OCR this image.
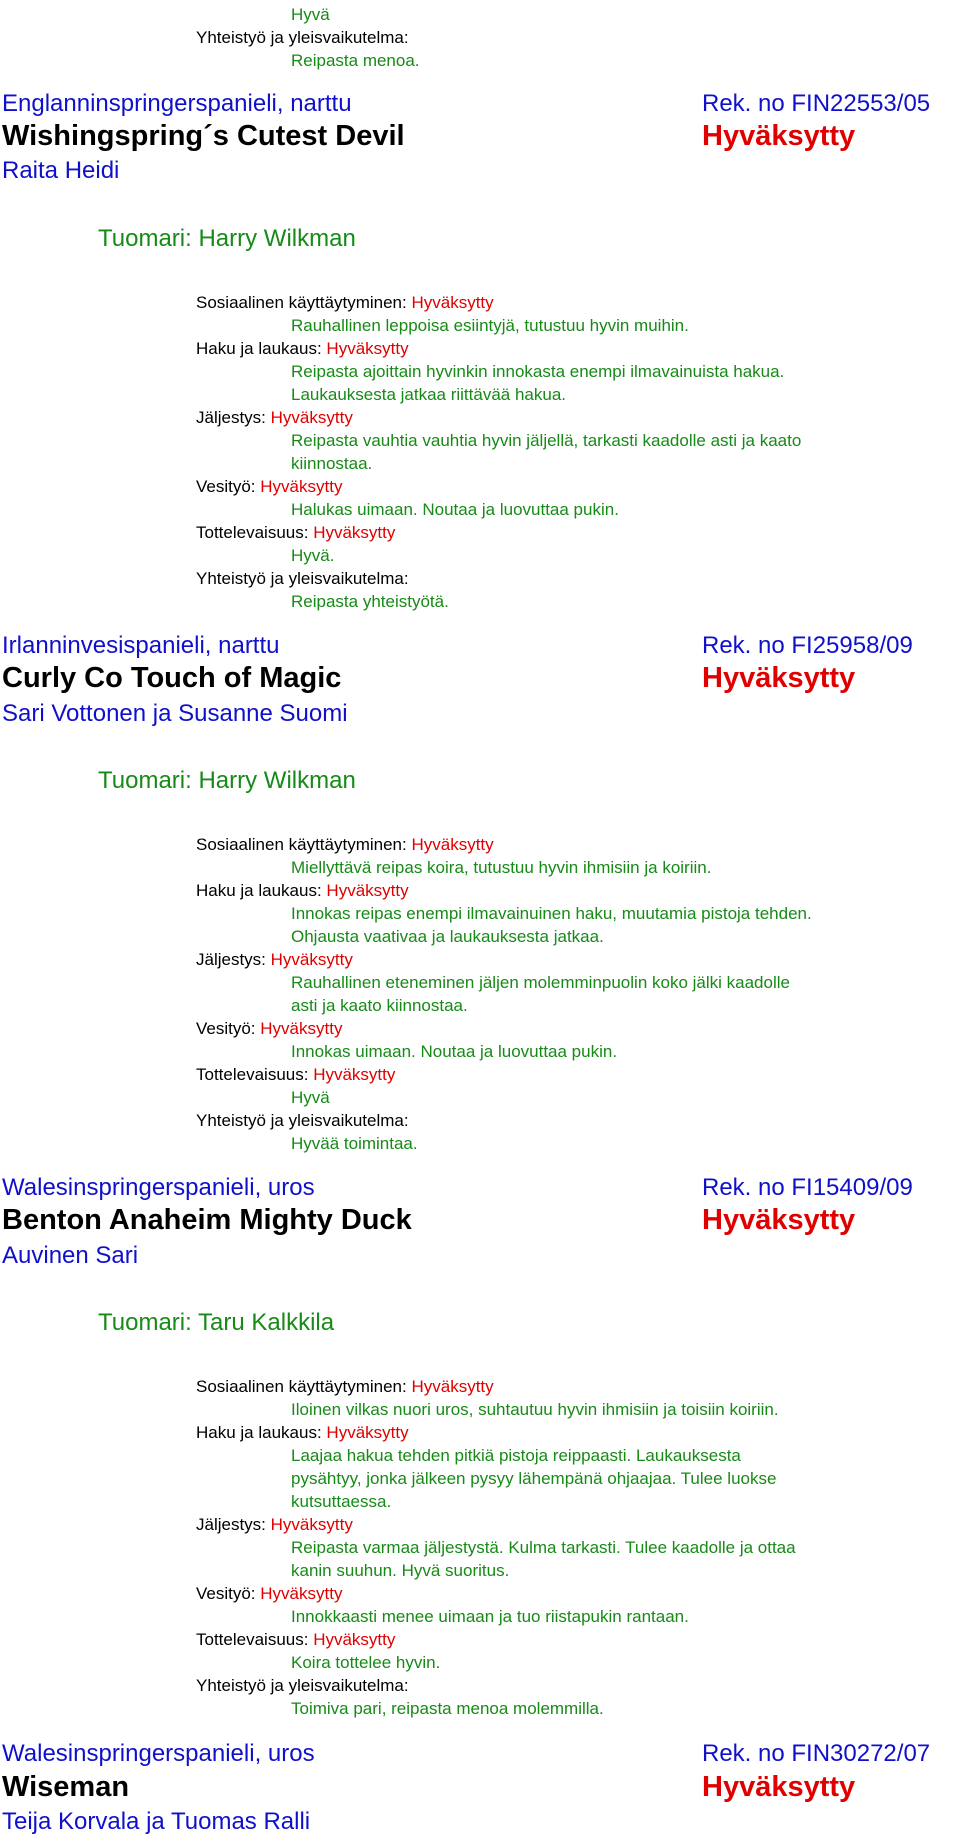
Hyvä
Yhteistyö ja yleisvaikutelma:
Reipasta menoa.
Englanninspringerspanieli, narttu	Rek. no FIN22553/05
Wishingspring´s Cutest Devil	Hyväksytty
Raita Heidi
Tuomari: Harry Wilkman
Sosiaalinen käyttäytyminen: Hyväksytty
Rauhallinen leppoisa esiintyjä, tutustuu hyvin muihin.
Haku ja laukaus: Hyväksytty
Reipasta ajoittain hyvinkin innokasta enempi ilmavainuista hakua.
Laukauksesta jatkaa riittävää hakua.
Jäljestys: Hyväksytty
Reipasta vauhtia vauhtia hyvin jäljellä, tarkasti kaadolle asti ja kaato
kiinnostaa.
Vesityö: Hyväksytty
Halukas uimaan. Noutaa ja luovuttaa pukin.
Tottelevaisuus: Hyväksytty
Hyvä.
Yhteistyö ja yleisvaikutelma:
Reipasta yhteistyötä.
Irlanninvesispanieli, narttu	Rek. no FI25958/09
Curly Co Touch of Magic	Hyväksytty
Sari Vottonen ja Susanne Suomi
Tuomari: Harry Wilkman
Sosiaalinen käyttäytyminen: Hyväksytty
Miellyttävä reipas koira, tutustuu hyvin ihmisiin ja koiriin.
Haku ja laukaus: Hyväksytty
Innokas reipas enempi ilmavainuinen haku, muutamia pistoja tehden.
Ohjausta vaativaa ja laukauksesta jatkaa.
Jäljestys: Hyväksytty
Rauhallinen eteneminen jäljen molemminpuolin koko jälki kaadolle
asti ja kaato kiinnostaa.
Vesityö: Hyväksytty
Innokas uimaan. Noutaa ja luovuttaa pukin.
Tottelevaisuus: Hyväksytty
Hyvä
Yhteistyö ja yleisvaikutelma:
Hyvää toimintaa.
Walesinspringerspanieli, uros	Rek. no FI15409/09
Benton Anaheim Mighty Duck	Hyväksytty
Auvinen Sari
Tuomari: Taru Kalkkila
Sosiaalinen käyttäytyminen: Hyväksytty
Iloinen vilkas nuori uros, suhtautuu hyvin ihmisiin ja toisiin koiriin.
Haku ja laukaus: Hyväksytty
Laajaa hakua tehden pitkiä pistoja reippaasti. Laukauksesta
pysähtyy, jonka jälkeen pysyy lähempänä ohjaajaa. Tulee luokse
kutsuttaessa.
Jäljestys: Hyväksytty
Reipasta varmaa jäljestystä. Kulma tarkasti. Tulee kaadolle ja ottaa
kanin suuhun. Hyvä suoritus.
Vesityö: Hyväksytty
Innokkaasti menee uimaan ja tuo riistapukin rantaan.
Tottelevaisuus: Hyväksytty
Koira tottelee hyvin.
Yhteistyö ja yleisvaikutelma:
Toimiva pari, reipasta menoa molemmilla.
Walesinspringerspanieli, uros	Rek. no FIN30272/07
Wiseman	Hyväksytty
Teija Korvala ja Tuomas Ralli
